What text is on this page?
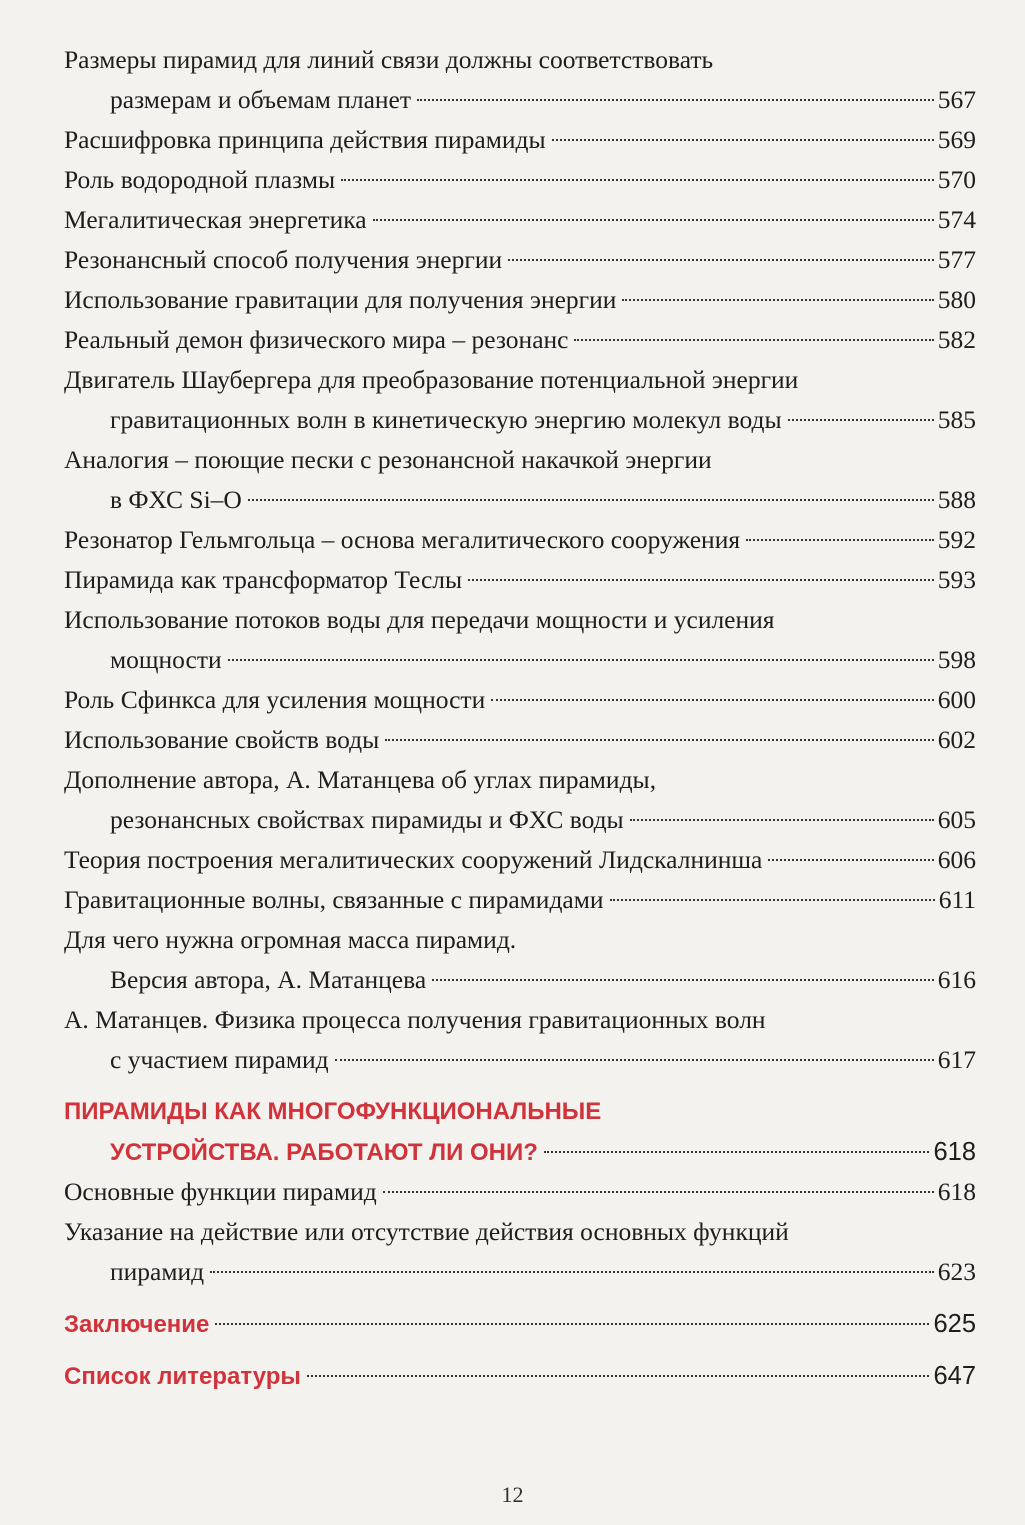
Размеры пирамид для линий связи должны соответствовать
размерам и объемам планет	567
Расшифровка принципа действия пирамиды	569
Роль водородной плазмы	570
Мегалитическая энергетика	574
Резонансный способ получения энергии	577
Использование гравитации для получения энергии	580
Реальный демон физического мира – резонанс	582
Двигатель Шаубергера для преобразование потенциальной энергии
гравитационных волн в кинетическую энергию молекул воды	585
Аналогия – поющие пески с резонансной накачкой энергии
в ФХС Si–O	588
Резонатор Гельмгольца – основа мегалитического сооружения	592
Пирамида как трансформатор Теслы	593
Использование потоков воды для передачи мощности и усиления
мощности	598
Роль Сфинкса для усиления мощности	600
Использование свойств воды	602
Дополнение автора, А. Матанцева об углах пирамиды,
резонансных свойствах пирамиды и ФХС воды	605
Теория построения мегалитических сооружений Лидскалнинша	606
Гравитационные волны, связанные с пирамидами	611
Для чего нужна огромная масса пирамид.
Версия автора, А. Матанцева	616
А. Матанцев. Физика процесса получения гравитационных волн
с участием пирамид	617
ПИРАМИДЫ КАК МНОГОФУНКЦИОНАЛЬНЫЕ
УСТРОЙСТВА. РАБОТАЮТ ЛИ ОНИ?	618
Основные функции пирамид	618
Указание на действие или отсутствие действия основных функций
пирамид	623
Заключение	625
Список литературы	647
12
